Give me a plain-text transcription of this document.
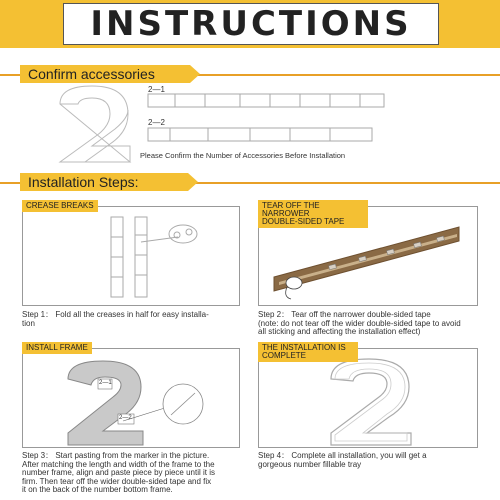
INSTRUCTIONS
Confirm accessories
2—1
2—2
Please Confirm the Number of Accessories Before Installation
Installation Steps:
CREASE BREAKS
Step 1： Fold all the creases in half for easy installa-
tion
TEAR OFF THE NARROWER
DOUBLE-SIDED TAPE
Step 2： Tear off the narrower double-sided tape
(note: do not tear off the wider double-sided tape to avoid
all sticking and affecting the installation effect)
INSTALL FRAME
2—1
2—2
Step 3： Start pasting from the marker in the picture.
After matching the length and width of the frame to the
number frame, align and paste piece by piece until it is
firm. Then tear off the wider double-sided tape and fix
it on the back of the number bottom frame.
THE INSTALLATION IS
COMPLETE
Step 4： Complete all installation, you will get a
gorgeous number fillable tray
